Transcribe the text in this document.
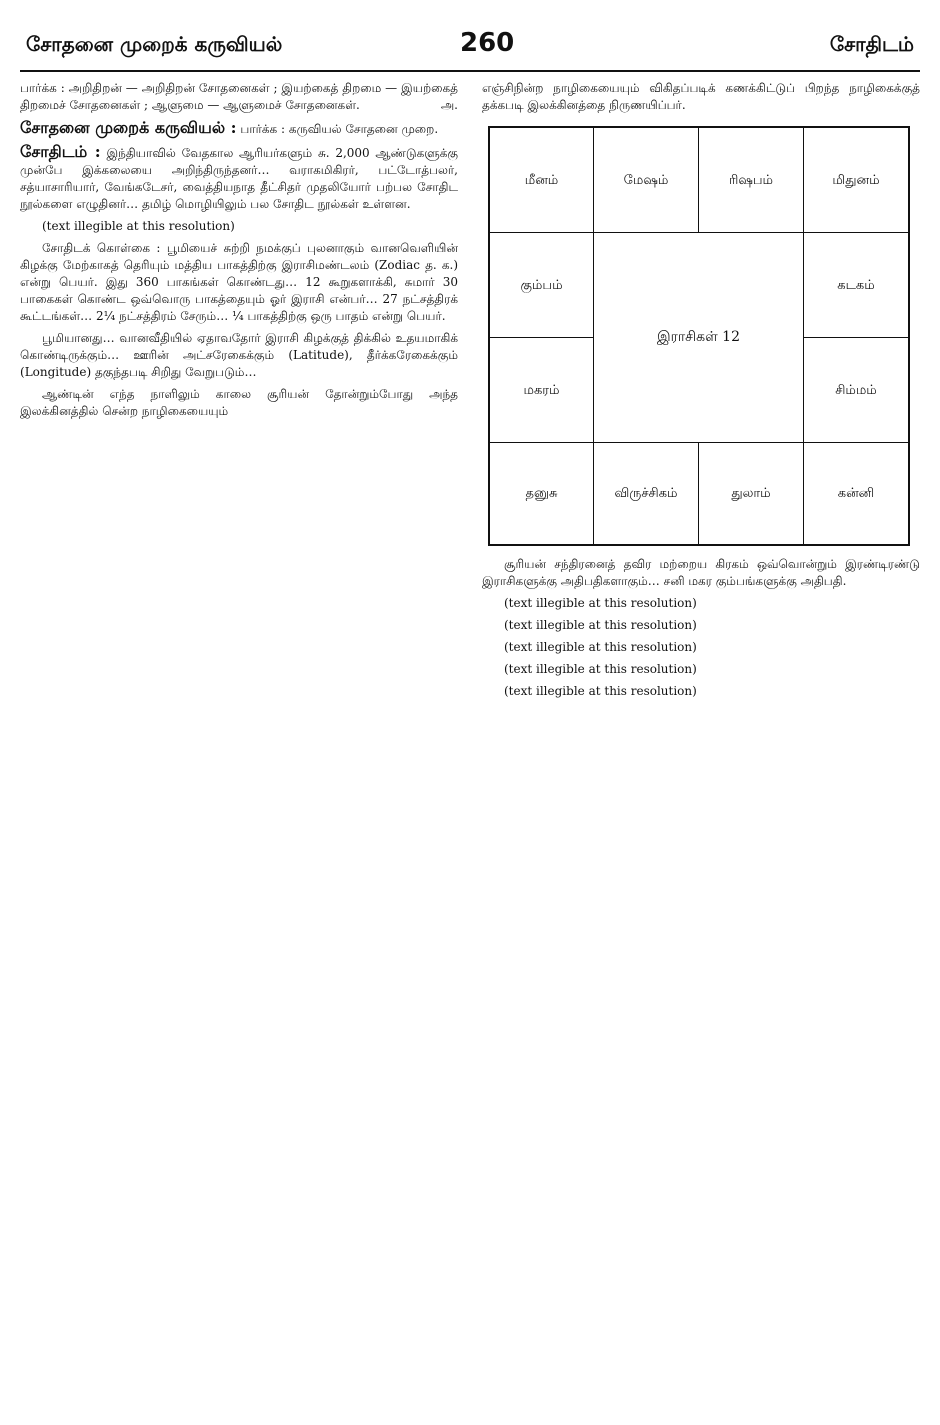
சோதனை முறைக் கருவியல்	260	சோதிடம்

பார்க்க : அறிதிறன் — அறிதிறன் சோதனைகள் ; இயற்கைத் திறமை — இயற்கைத் திறமைச் சோதனைகள் ; ஆளுமை — ஆளுமைச் சோதனைகள்.	அ.

சோதனை முறைக் கருவியல் : பார்க்க : கருவியல் சோதனை முறை.

சோதிடம் : இந்தியாவில் வேதகால ஆரியர்களும் சு. 2,000 ஆண்டுகளுக்கு முன்பே இக்கலையை அறிந்திருந்தனர்… வராகமிகிரர், பட்டோத்பலர், சத்யாசாரியார், வேங்கடேசர், வைத்தியநாத தீட்சிதர் முதலியோர் பற்பல சோதிட நூல்களை எழுதினர்… தமிழ் மொழியிலும் பல சோதிட நூல்கள் உள்ளன.

(text illegible at this resolution)

சோதிடக் கொள்கை : பூமியைச் சுற்றி நமக்குப் புலனாகும் வானவெளியின் கிழக்கு மேற்காகத் தெரியும் மத்திய பாகத்திற்கு இராசிமண்டலம் (Zodiac த. க.) என்று பெயர். இது 360 பாகங்கள் கொண்டது… 12 கூறுகளாக்கி, சுமார் 30 பாகைகள் கொண்ட ஒவ்வொரு பாகத்தையும் ஓர் இராசி என்பர்… 27 நட்சத்திரக் கூட்டங்கள்… 2¼ நட்சத்திரம் சேரும்… ¼ பாகத்திற்கு ஒரு பாதம் என்று பெயர்.

பூமியானது… வானவீதியில் ஏதாவதோர் இராசி கிழக்குத் திக்கில் உதயமாகிக் கொண்டிருக்கும்… ஊரின் அட்சரேகைக்கும் (Latitude), தீர்க்கரேகைக்கும் (Longitude) தகுந்தபடி சிறிது வேறுபடும்…

ஆண்டின் எந்த நாளிலும் காலை சூரியன் தோன்றும்போது அந்த இலக்கினத்தில் சென்ற நாழிகையையும்

எஞ்சிநின்ற நாழிகையையும் விகிதப்படிக் கணக்கிட்டுப் பிறந்த நாழிகைக்குத் தக்கபடி இலக்கினத்தை நிருணயிப்பர்.

மீனம்	மேஷம்	ரிஷபம்	மிதுனம்
கும்பம்	கடகம்
மகரம்	சிம்மம்
இராசிகள் 12
தனுசு	விருச்சிகம்	துலாம்	கன்னி

சூரியன் சந்திரனைத் தவிர மற்றைய கிரகம் ஒவ்வொன்றும் இரண்டிரண்டு இராசிகளுக்கு அதிபதிகளாகும்… சனி மகர கும்பங்களுக்கு அதிபதி.

(text illegible at this resolution)

(text illegible at this resolution)

(text illegible at this resolution)

(text illegible at this resolution)

(text illegible at this resolution)
